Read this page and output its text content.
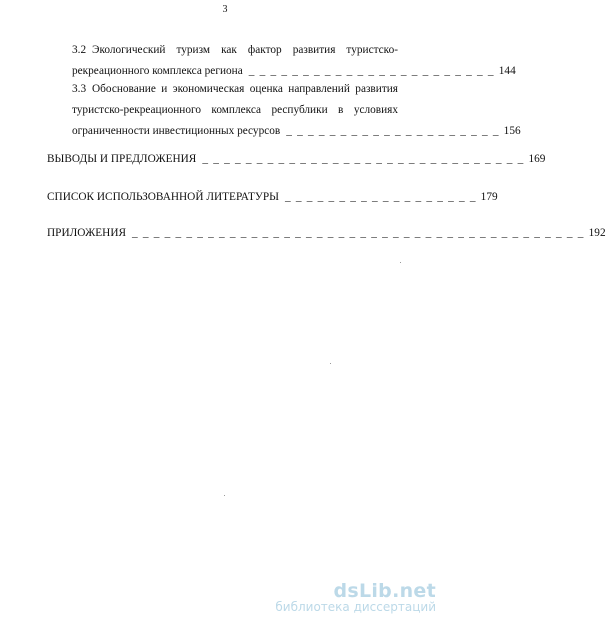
3
3.2 Экологический туризм как фактор развития туристско-
рекреационного комплекса региона _ _ _ _ _ _ _ _ _ _ _ _ _ _ _ _ _ _ _ _ _ _ _ 144
3.3 Обоснование и экономическая оценка направлений развития
туристско-рекреационного комплекса республики в условиях
ограниченности инвестиционных ресурсов _ _ _ _ _ _ _ _ _ _ _ _ _ _ _ _ _ _ _ _ 156
ВЫВОДЫ И ПРЕДЛОЖЕНИЯ _ _ _ _ _ _ _ _ _ _ _ _ _ _ _ _ _ _ _ _ _ _ _ _ _ _ _ _ _ _ 169
СПИСОК ИСПОЛЬЗОВАННОЙ ЛИТЕРАТУРЫ _ _ _ _ _ _ _ _ _ _ _ _ _ _ _ _ _ _ 179
ПРИЛОЖЕНИЯ _ _ _ _ _ _ _ _ _ _ _ _ _ _ _ _ _ _ _ _ _ _ _ _ _ _ _ _ _ _ _ _ _ _ _ _ _ _ _ _ _ _ 192
dsLib.net
библиотека диссертаций
